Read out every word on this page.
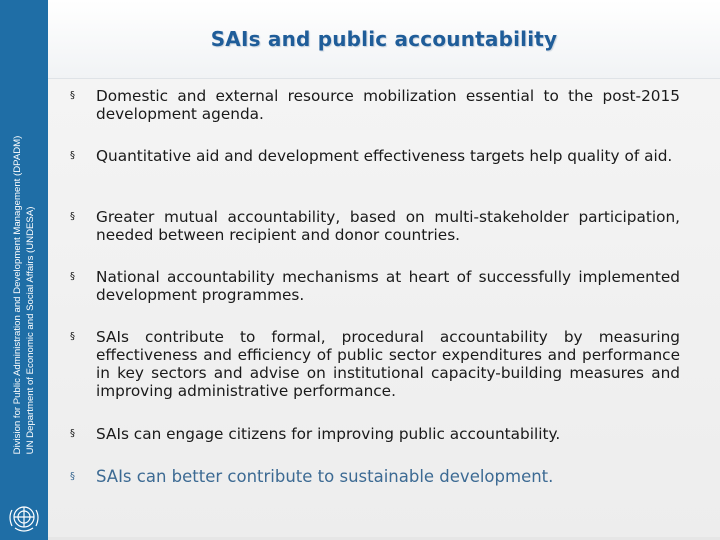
SAIs and public accountability
Division for Public Administration and Development Management (DPADM) UN Department of Economic and Social Affairs (UNDESA)
§ Domestic and external resource mobilization essential to the post-2015 development agenda.
§ Quantitative aid and development effectiveness targets help quality of aid.
§ Greater mutual accountability, based on multi-stakeholder participation, needed between recipient and donor countries.
§ National accountability mechanisms at heart of successfully implemented development programmes.
§ SAIs contribute to formal, procedural accountability by measuring effectiveness and efficiency of public sector expenditures and performance in key sectors and advise on institutional capacity-building measures and improving administrative performance.
§ SAIs can engage citizens for improving public accountability.
§ SAIs can better contribute to sustainable development.
